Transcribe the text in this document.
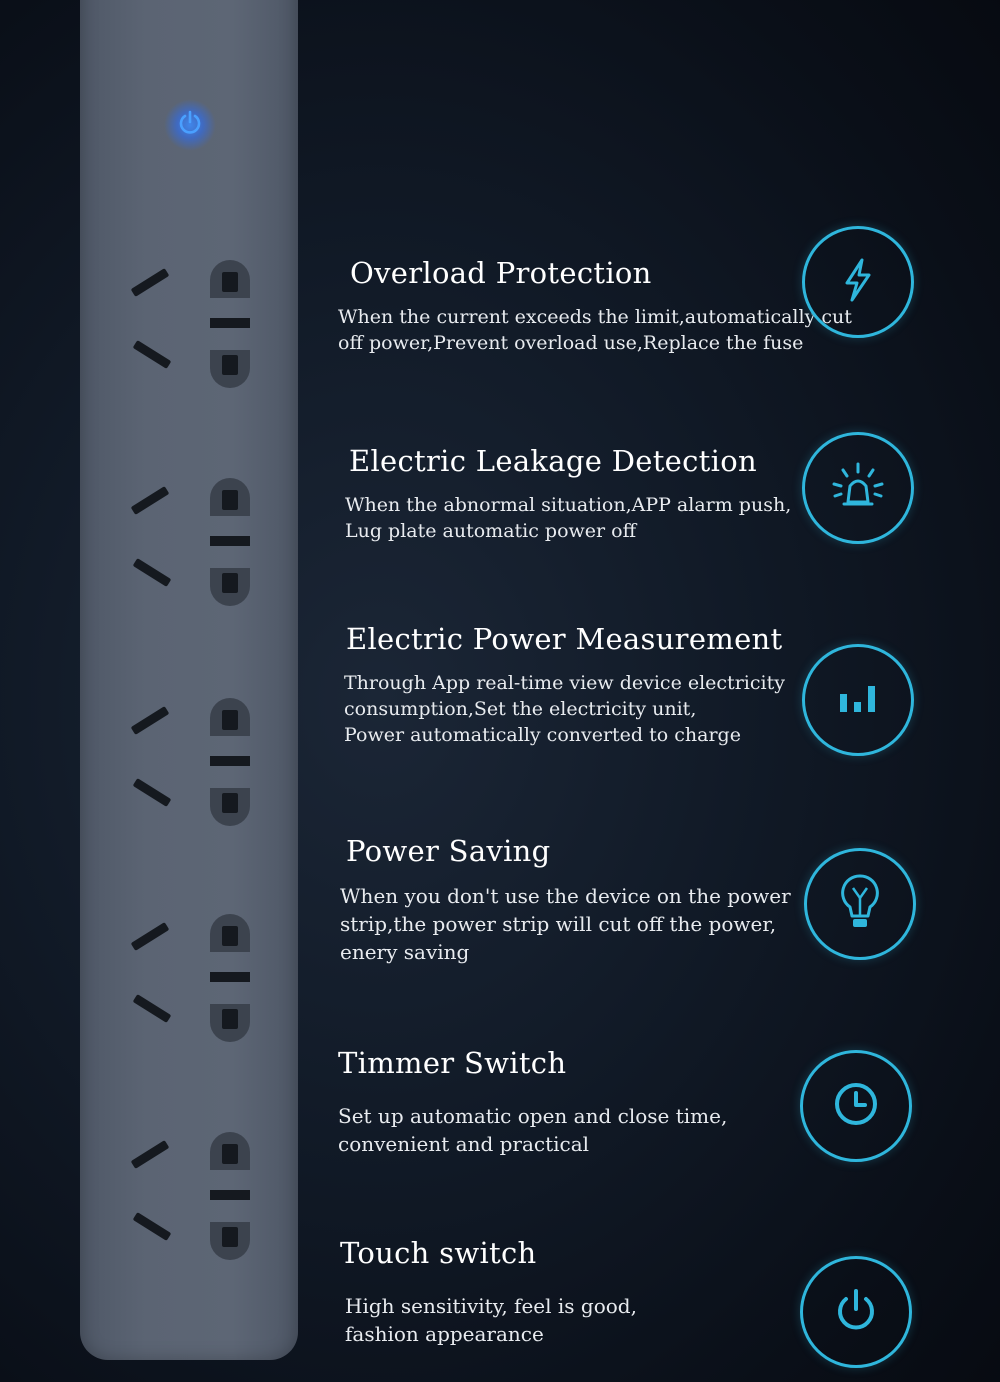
Overload Protection

When the current exceeds the limit,automatically cut
off power,Prevent overload use,Replace the fuse

Electric Leakage Detection

When the abnormal situation,APP alarm push,
Lug plate automatic power off

Electric Power Measurement

Through App real-time view device electricity
consumption,Set the electricity unit,
Power automatically converted to charge

Power Saving

When you don't use the device on the power
strip,the power strip will cut off the power,
enery saving

Timmer Switch

Set up automatic open and close time,
convenient and practical

Touch switch

High sensitivity, feel is good,
fashion appearance
